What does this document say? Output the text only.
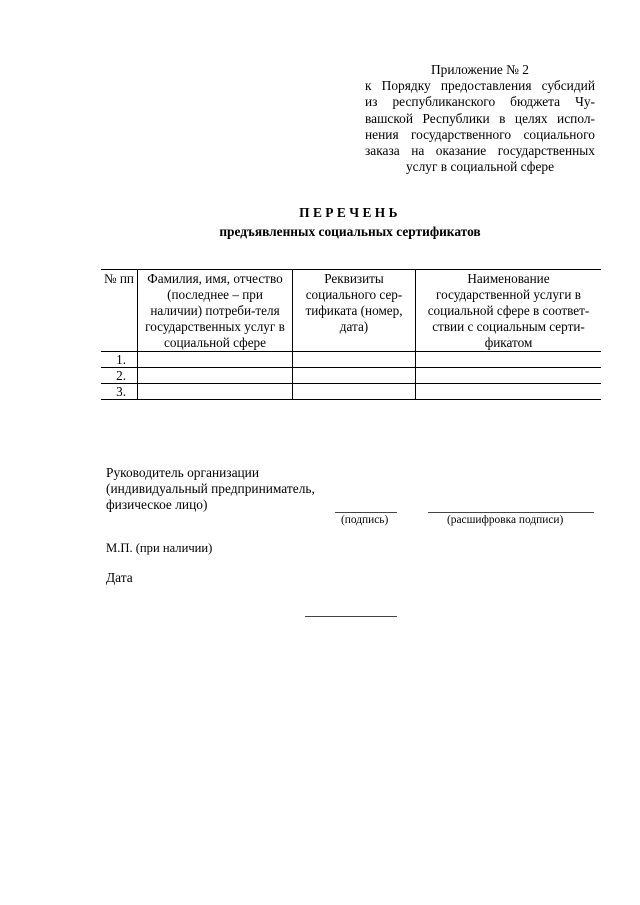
Приложение № 2
к Порядку предоставления субсидий
из республиканского бюджета Чу-
вашской Республики в целях испол-
нения государственного социального
заказа на оказание государственных
услуг в социальной сфере
ПЕРЕЧЕНЬ
предъявленных социальных сертификатов
№ пп	Фамилия, имя, отчество (последнее – при наличии) потреби-теля государственных услуг в социальной сфере	Реквизиты социального сер-тификата (номер, дата)	Наименование государственной услуги в социальной сфере в соответ-ствии с социальным серти-фикатом
1.			
2.			
3.			
Руководитель организации
(индивидуальный предприниматель,
физическое лицо)
(подпись)	(расшифровка подписи)
М.П. (при наличии)
Дата
